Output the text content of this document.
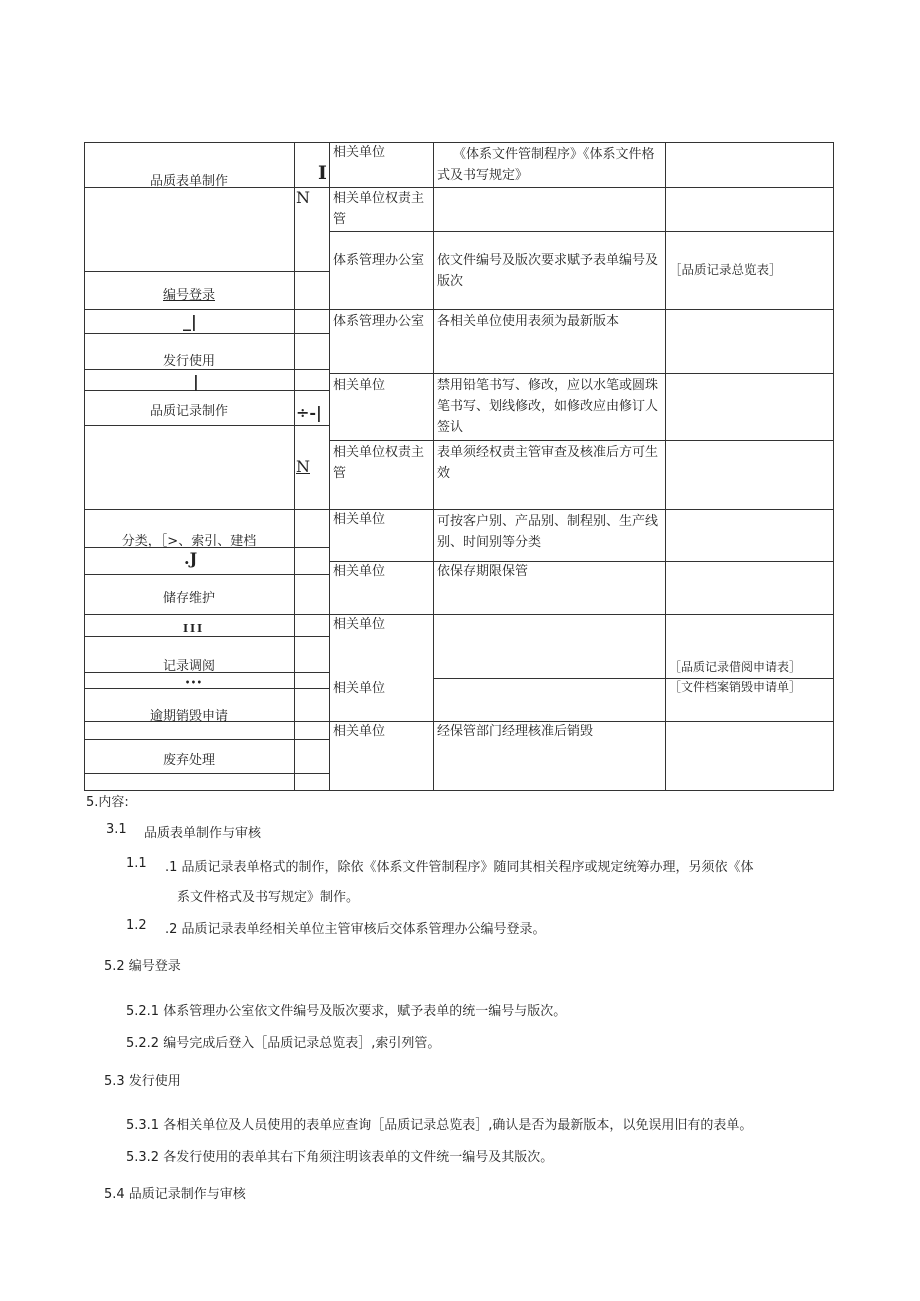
品质表单制作
编号登录
发行使用
品质记录制作
分类，［>、索引、建档
储存维护
记录调阅
逾期销毁申请
废弃处理
_|
|
.J
I I I
• • •
I
N
÷-|
N
相关单位
相关单位权责主管
体系管理办公室
体系管理办公室
相关单位
相关单位权责主管
相关单位
相关单位
相关单位
相关单位
相关单位
《体系文件管制程序》《体系文件格式及书写规定》
依文件编号及版次要求赋予表单编号及版次
各相关单位使用表须为最新版本
禁用铅笔书写、修改，应以水笔或圆珠笔书写、划线修改，如修改应由修订人签认
表单须经权责主管审查及核准后方可生效
可按客户别、产品别、制程别、生产线别、时间别等分类
依保存期限保管
经保管部门经理核准后销毁
［品质记录总览表］
［品质记录借阅申请表］
［文件档案销毁申请单］
5.内容:
3.1 品质表单制作与审核
1.1 .1 品质记录表单格式的制作，除依《体系文件管制程序》随同其相关程序或规定统筹办理，另须依《体
系文件格式及书写规定》制作。
1.2 .2 品质记录表单经相关单位主管审核后交体系管理办公编号登录。
5.2 编号登录
5.2.1 体系管理办公室依文件编号及版次要求，赋予表单的统一编号与版次。
5.2.2 编号完成后登入［品质记录总览表］,索引列管。
5.3 发行使用
5.3.1 各相关单位及人员使用的表单应查询［品质记录总览表］,确认是否为最新版本，以免误用旧有的表单。
5.3.2 各发行使用的表单其右下角须注明该表单的文件统一编号及其版次。
5.4 品质记录制作与审核
